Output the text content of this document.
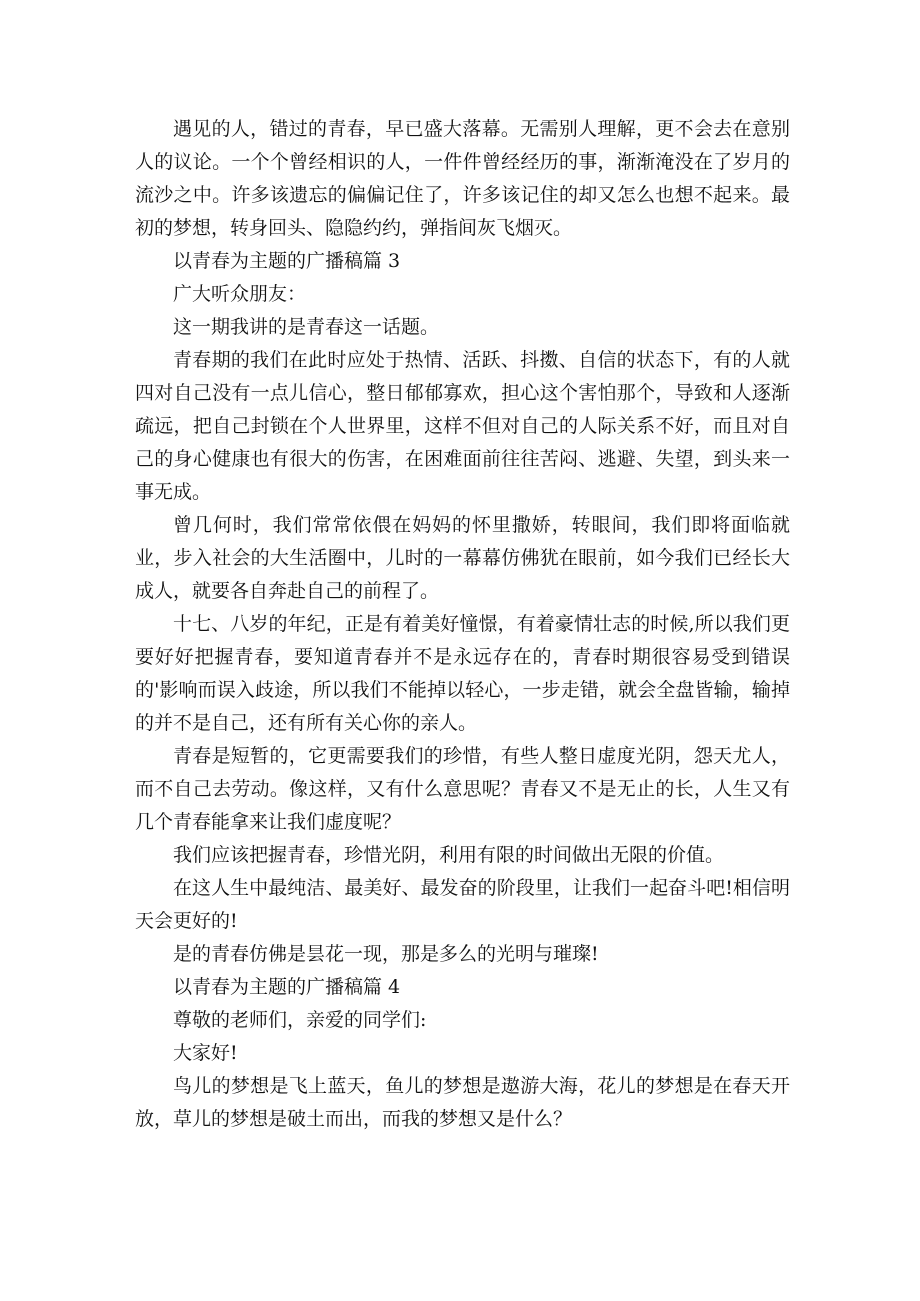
遇见的人，错过的青春，早已盛大落幕。无需别人理解，更不会去在意别人的议论。一个个曾经相识的人，一件件曾经经历的事，渐渐淹没在了岁月的流沙之中。许多该遗忘的偏偏记住了，许多该记住的却又怎么也想不起来。最初的梦想，转身回头、隐隐约约，弹指间灰飞烟灭。

以青春为主题的广播稿篇 3

广大听众朋友：

这一期我讲的是青春这一话题。

青春期的我们在此时应处于热情、活跃、抖擞、自信的状态下，有的人就四对自己没有一点儿信心，整日郁郁寡欢，担心这个害怕那个，导致和人逐渐疏远，把自己封锁在个人世界里，这样不但对自己的人际关系不好，而且对自己的身心健康也有很大的伤害，在困难面前往往苦闷、逃避、失望，到头来一事无成。

曾几何时，我们常常依偎在妈妈的怀里撒娇，转眼间，我们即将面临就业，步入社会的大生活圈中，儿时的一幕幕仿佛犹在眼前，如今我们已经长大成人，就要各自奔赴自己的前程了。

十七、八岁的年纪，正是有着美好憧憬，有着豪情壮志的时候,所以我们更要好好把握青春，要知道青春并不是永远存在的，青春时期很容易受到错误的'影响而误入歧途，所以我们不能掉以轻心，一步走错，就会全盘皆输，输掉的并不是自己，还有所有关心你的亲人。

青春是短暂的，它更需要我们的珍惜，有些人整日虚度光阴，怨天尤人，而不自己去劳动。像这样，又有什么意思呢？青春又不是无止的长，人生又有几个青春能拿来让我们虚度呢？

我们应该把握青春，珍惜光阴，利用有限的时间做出无限的价值。

在这人生中最纯洁、最美好、最发奋的阶段里，让我们一起奋斗吧!相信明天会更好的!

是的青春仿佛是昙花一现，那是多么的光明与璀璨!

以青春为主题的广播稿篇 4

尊敬的老师们，亲爱的同学们:

大家好!

鸟儿的梦想是飞上蓝天，鱼儿的梦想是遨游大海，花儿的梦想是在春天开放，草儿的梦想是破土而出，而我的梦想又是什么？
